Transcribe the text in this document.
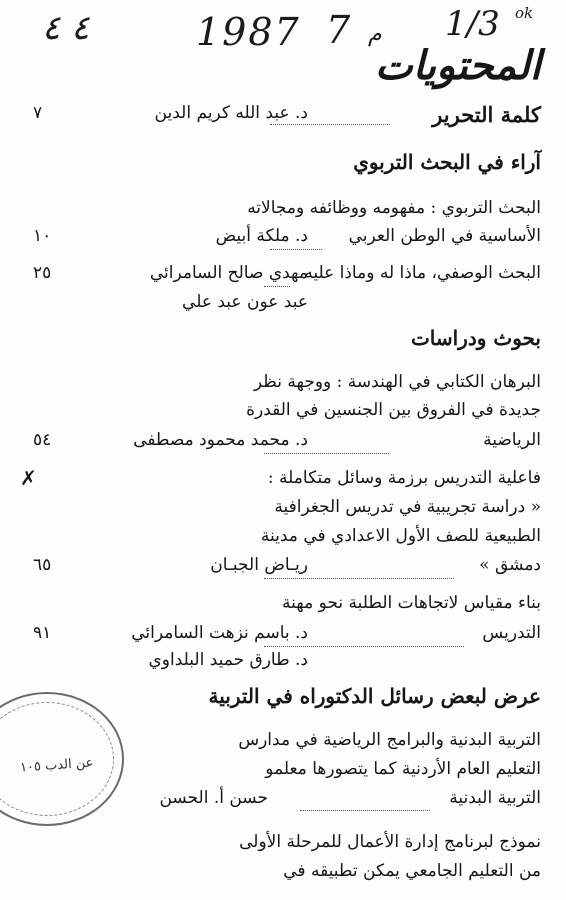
٤ ٤	1987 7 م 1/3 ok
المحتويات
كلمة التحرير
د. عبد الله كريم الدين
٧
آراء في البحث التربوي
البحث التربوي : مفهومه ووظائفه ومجالاته
الأساسية في الوطن العربي
د. ملكة أبيض
١٠
البحث الوصفي، ماذا له وماذا عليه
مهدي صالح السامرائي
عبد عون عبد علي
٢٥
بحوث ودراسات
البرهان الكتابي في الهندسة : ووجهة نظر
جديدة في الفروق بين الجنسين في القدرة
الرياضية
د. محمد محمود مصطفى
٥٤
✗	فاعلية التدريس برزمة وسائل متكاملة :
« دراسة تجريبية في تدريس الجغرافية
الطبيعية للصف الأول الاعدادي في مدينة
دمشق »
ريـاض الجبـان
٦٥
بناء مقياس لاتجاهات الطلبة نحو مهنة
التدريس
د. باسم نزهت السامرائي
د. طارق حميد البلداوي
٩١
عرض لبعض رسائل الدكتوراه في التربية
التربية البدنية والبرامج الرياضية في مدارس
التعليم العام الأردنية كما يتصورها معلمو
التربية البدنية
حسن أ. الحسن
نموذج لبرنامج إدارة الأعمال للمرحلة الأولى
من التعليم الجامعي يمكن تطبيقه في
عن الدب ١٠٥
